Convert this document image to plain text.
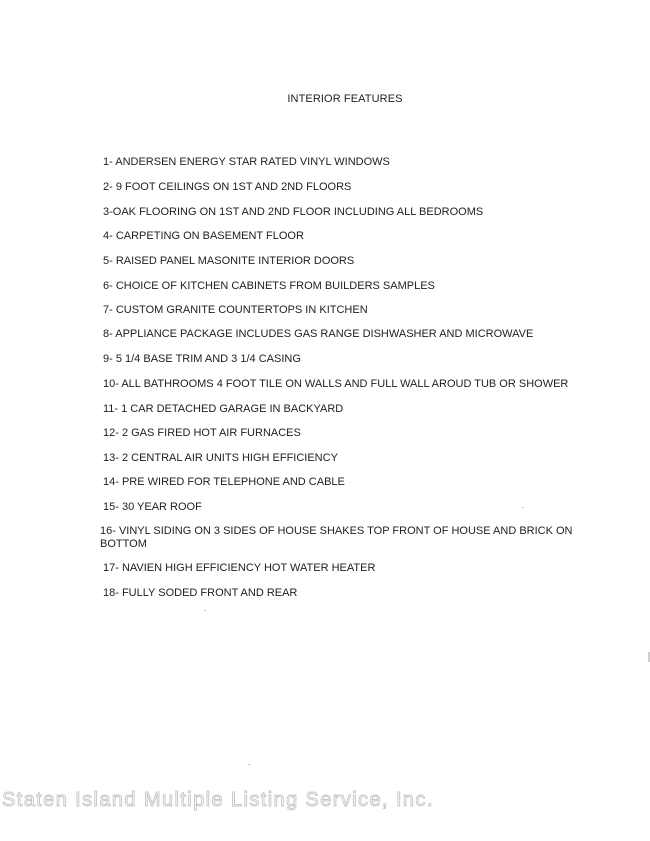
INTERIOR FEATURES
1- ANDERSEN ENERGY STAR RATED VINYL WINDOWS
2- 9 FOOT CEILINGS ON 1ST AND 2ND FLOORS
3-OAK FLOORING ON 1ST AND 2ND FLOOR INCLUDING ALL BEDROOMS
4- CARPETING ON BASEMENT FLOOR
5- RAISED PANEL MASONITE INTERIOR DOORS
6- CHOICE OF KITCHEN CABINETS FROM BUILDERS SAMPLES
7- CUSTOM GRANITE COUNTERTOPS IN KITCHEN
8- APPLIANCE PACKAGE INCLUDES GAS RANGE DISHWASHER AND MICROWAVE
9- 5 1/4 BASE TRIM AND 3 1/4 CASING
10- ALL BATHROOMS 4 FOOT TILE ON WALLS AND FULL WALL AROUD TUB OR SHOWER
11- 1 CAR DETACHED GARAGE IN BACKYARD
12- 2 GAS FIRED HOT AIR FURNACES
13- 2 CENTRAL AIR UNITS HIGH EFFICIENCY
14- PRE WIRED FOR TELEPHONE AND CABLE
15- 30 YEAR ROOF
16- VINYL SIDING ON 3 SIDES OF HOUSE SHAKES TOP FRONT OF HOUSE AND BRICK ON BOTTOM
17- NAVIEN HIGH EFFICIENCY HOT WATER HEATER
18- FULLY SODED FRONT AND REAR
Staten Island Multiple Listing Service, Inc.
